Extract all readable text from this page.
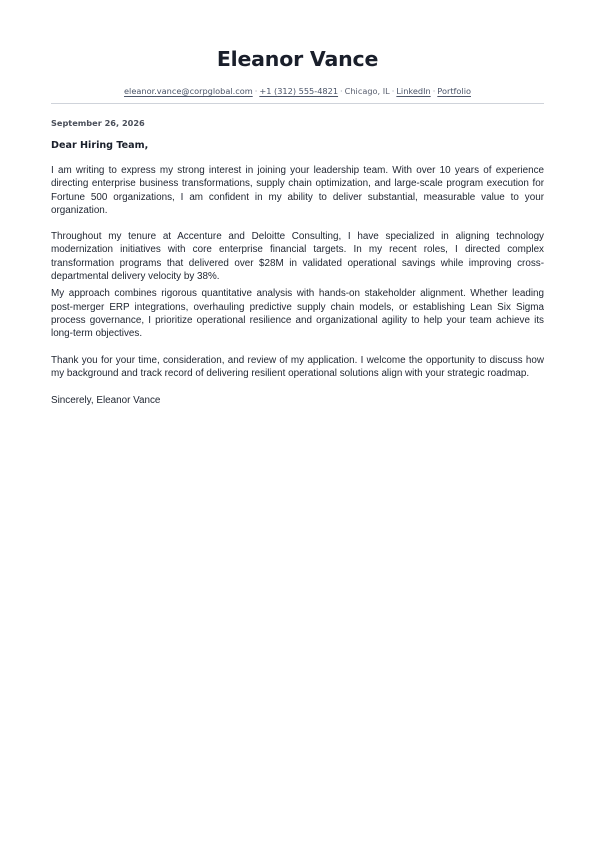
Eleanor Vance
eleanor.vance@corpglobal.com · +1 (312) 555-4821 · Chicago, IL · LinkedIn · Portfolio
September 26, 2026
Dear Hiring Team,

I am writing to express my strong interest in joining your leadership team. With over 10 years of experience directing enterprise business transformations, supply chain optimization, and large-scale program execution for Fortune 500 organizations, I am confident in my ability to deliver substantial, measurable value to your organization.

Throughout my tenure at Accenture and Deloitte Consulting, I have specialized in aligning technology modernization initiatives with core enterprise financial targets. In my recent roles, I directed complex transformation programs that delivered over $28M in validated operational savings while improving cross-departmental delivery velocity by 38%.

My approach combines rigorous quantitative analysis with hands-on stakeholder alignment. Whether leading post-merger ERP integrations, overhauling predictive supply chain models, or establishing Lean Six Sigma process governance, I prioritize operational resilience and organizational agility to help your team achieve its long-term objectives.

Thank you for your time, consideration, and review of my application. I welcome the opportunity to discuss how my background and track record of delivering resilient operational solutions align with your strategic roadmap.

Sincerely, Eleanor Vance
